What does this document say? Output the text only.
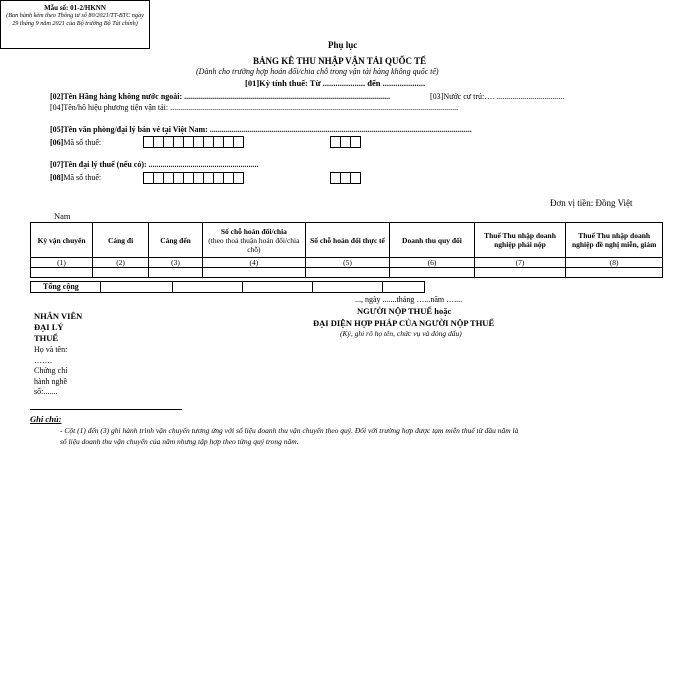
Mẫu số: 01-2/HKNN
(Ban hành kèm theo Thông tư số 80/2021/TT-BTC ngày 29 tháng 9 năm 2021 của Bộ trưởng Bộ Tài chính)
Phụ lục
BẢNG KÊ THU NHẬP VẬN TẢI QUỐC TẾ
(Dành cho trường hợp hoán đổi/chia chỗ trong vận tải hàng không quốc tế)
[01]Kỳ tính thuế: Từ .................... đến ....................
[02]Tên Hãng hàng không nước ngoài: .......................................................................................................	[03]Nước cư trú:…. ..................................
[04]Tên/hô hiệu phương tiện vận tải: ................................................................................................................................................
[05]Tên văn phòng/đại lý bán vé tại Việt Nam: ...................................................................................................................................
[06]Mã số thuế:
[07]Tên đại lý thuế (nếu có): .......................................................
[08]Mã số thuế:
Đơn vị tiền: Đồng Việt
Nam
Kỳ vận chuyển	Cảng đi	Cảng đến	Số chỗ hoán đổi/chia
(theo thoả thuận hoán đổi/chia chỗ)	Số chỗ hoán đổi thực tế	Doanh thu quy đổi	Thuế Thu nhập doanh nghiệp phải nộp	Thuế Thu nhập doanh nghiệp đề nghị miễn, giảm
(1)	(2)	(3)	(4)	(5)	(6)	(7)	(8)

Tổng cộng
..., ngày .......tháng …...năm …....
NGƯỜI NỘP THUẾ hoặc
ĐẠI DIỆN HỢP PHÁP CỦA NGƯỜI NỘP THUẾ
(Ký, ghi rõ họ tên, chức vụ và đóng dấu)
NHÂN VIÊN
ĐẠI LÝ
THUẾ
Họ và tên:
…….
Chứng chỉ
hành nghề
số:.......
Ghi chú:
- Cột (1) đến (3) ghi hành trình vận chuyển tương ứng với số liệu doanh thu vận chuyển theo quý. Đối với trường hợp được tạm miễn thuế từ đầu năm là
số liệu doanh thu vận chuyển của năm nhưng tập hợp theo từng quý trong năm.
